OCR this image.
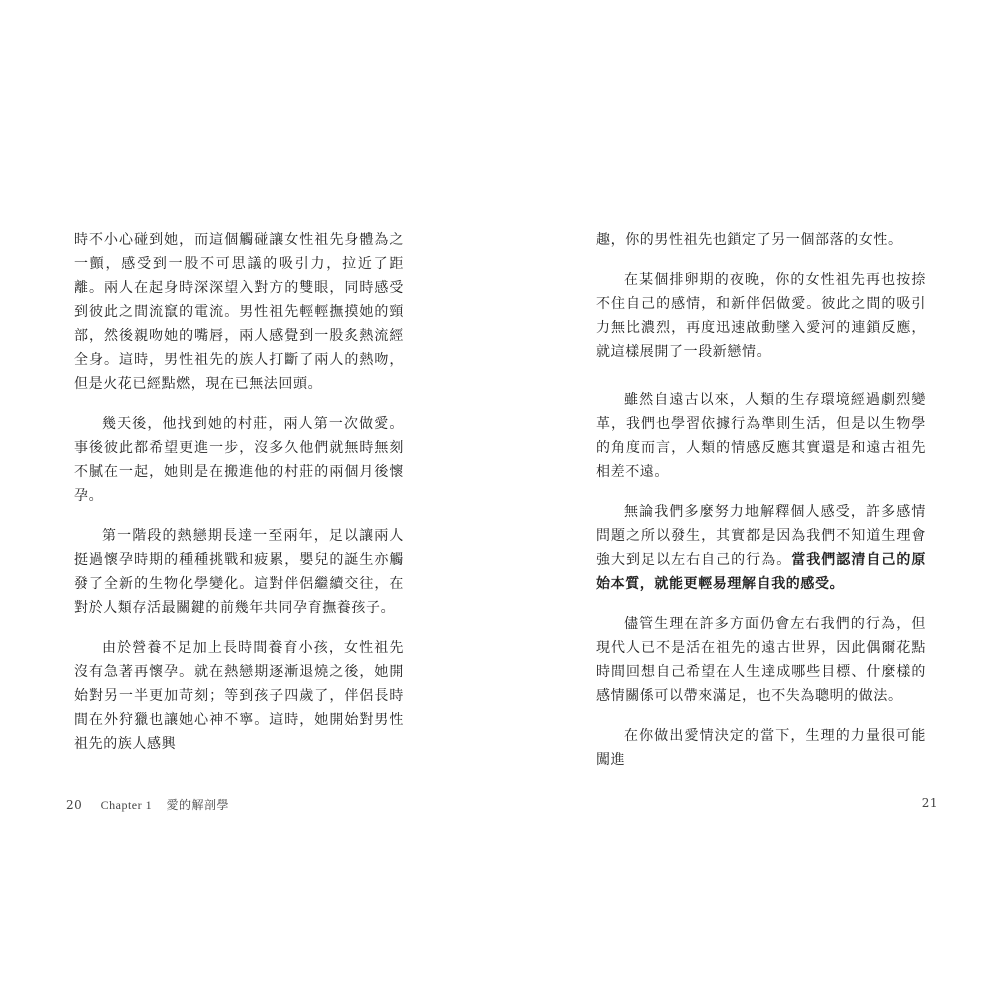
時不小心碰到她，而這個觸碰讓女性祖先身體為之一顫，感受到一股不可思議的吸引力，拉近了距離。兩人在起身時深深望入對方的雙眼，同時感受到彼此之間流竄的電流。男性祖先輕輕撫摸她的頸部，然後親吻她的嘴唇，兩人感覺到一股炙熱流經全身。這時，男性祖先的族人打斷了兩人的熱吻，但是火花已經點燃，現在已無法回頭。

幾天後，他找到她的村莊，兩人第一次做愛。事後彼此都希望更進一步，沒多久他們就無時無刻不膩在一起，她則是在搬進他的村莊的兩個月後懷孕。

第一階段的熱戀期長達一至兩年，足以讓兩人挺過懷孕時期的種種挑戰和疲累，嬰兒的誕生亦觸發了全新的生物化學變化。這對伴侶繼續交往，在對於人類存活最關鍵的前幾年共同孕育撫養孩子。

由於營養不足加上長時間養育小孩，女性祖先沒有急著再懷孕。就在熱戀期逐漸退燒之後，她開始對另一半更加苛刻；等到孩子四歲了，伴侶長時間在外狩獵也讓她心神不寧。這時，她開始對男性祖先的族人感興

趣，你的男性祖先也鎖定了另一個部落的女性。

在某個排卵期的夜晚，你的女性祖先再也按捺不住自己的感情，和新伴侶做愛。彼此之間的吸引力無比濃烈，再度迅速啟動墜入愛河的連鎖反應，就這樣展開了一段新戀情。

雖然自遠古以來，人類的生存環境經過劇烈變革，我們也學習依據行為準則生活，但是以生物學的角度而言，人類的情感反應其實還是和遠古祖先相差不遠。

無論我們多麼努力地解釋個人感受，許多感情問題之所以發生，其實都是因為我們不知道生理會強大到足以左右自己的行為。當我們認清自己的原始本質，就能更輕易理解自我的感受。

儘管生理在許多方面仍會左右我們的行為，但現代人已不是活在祖先的遠古世界，因此偶爾花點時間回想自己希望在人生達成哪些目標、什麼樣的感情關係可以帶來滿足，也不失為聰明的做法。

在你做出愛情決定的當下，生理的力量很可能闖進

20 Chapter 1 愛的解剖學	21
